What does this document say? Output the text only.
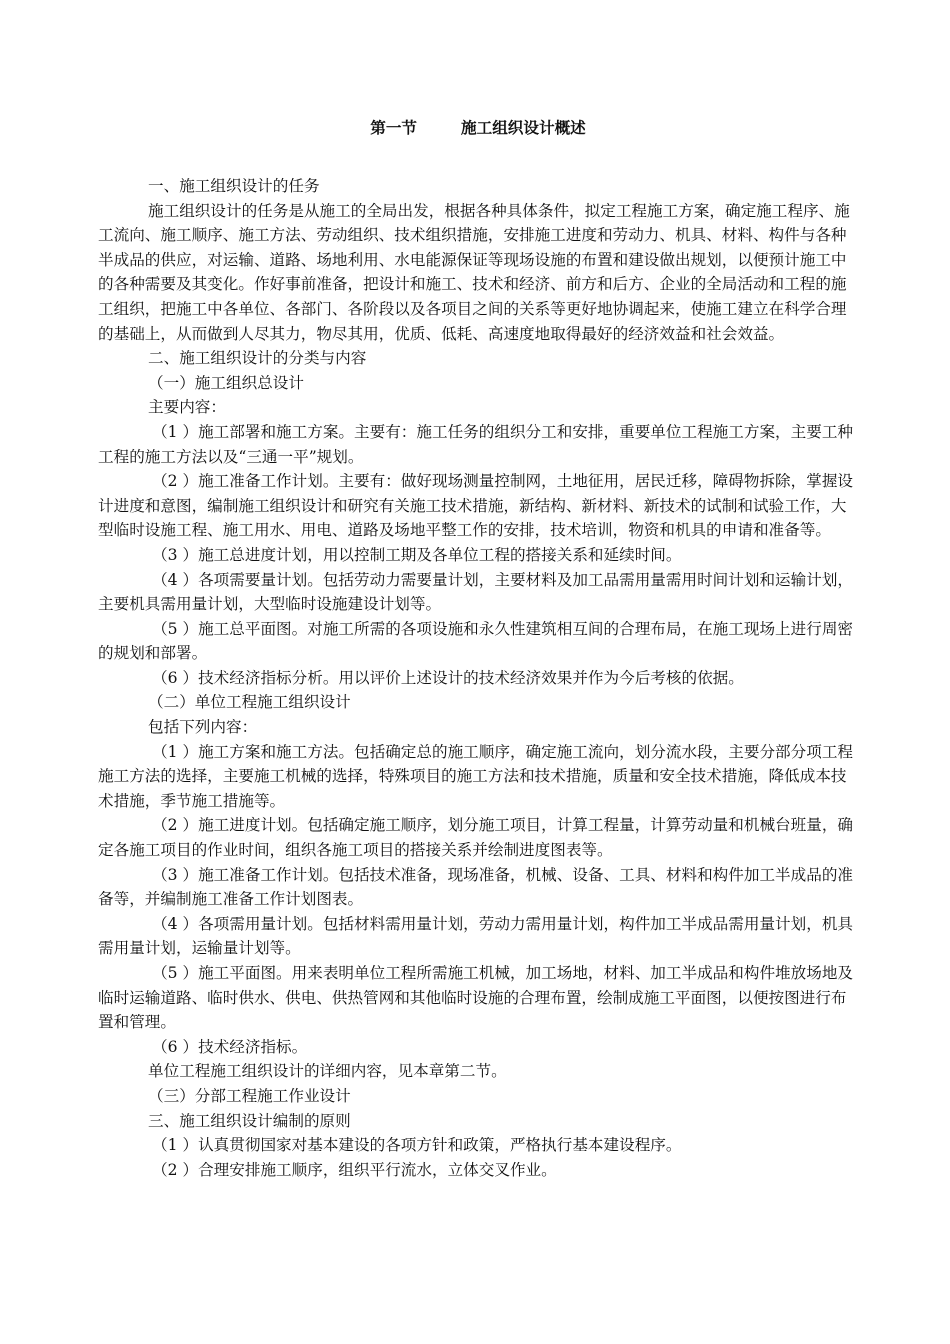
第一节	施工组织设计概述

一、施工组织设计的任务

施工组织设计的任务是从施工的全局出发，根据各种具体条件，拟定工程施工方案，确定施工程序、施工流向、施工顺序、施工方法、劳动组织、技术组织措施，安排施工进度和劳动力、机具、材料、构件与各种半成品的供应，对运输、道路、场地利用、水电能源保证等现场设施的布置和建设做出规划，以便预计施工中的各种需要及其变化。作好事前准备，把设计和施工、技术和经济、前方和后方、企业的全局活动和工程的施工组织，把施工中各单位、各部门、各阶段以及各项目之间的关系等更好地协调起来，使施工建立在科学合理的基础上，从而做到人尽其力，物尽其用，优质、低耗、高速度地取得最好的经济效益和社会效益。

二、施工组织设计的分类与内容

（一）施工组织总设计

主要内容：

（1 ）施工部署和施工方案。主要有：施工任务的组织分工和安排，重要单位工程施工方案，主要工种工程的施工方法以及“三通一平”规划。

（2 ）施工准备工作计划。主要有：做好现场测量控制网，土地征用，居民迁移，障碍物拆除，掌握设计进度和意图，编制施工组织设计和研究有关施工技术措施，新结构、新材料、新技术的试制和试验工作，大型临时设施工程、施工用水、用电、道路及场地平整工作的安排，技术培训，物资和机具的申请和准备等。

（3 ）施工总进度计划，用以控制工期及各单位工程的搭接关系和延续时间。

（4 ）各项需要量计划。包括劳动力需要量计划，主要材料及加工品需用量需用时间计划和运输计划，主要机具需用量计划，大型临时设施建设计划等。

（5 ）施工总平面图。对施工所需的各项设施和永久性建筑相互间的合理布局，在施工现场上进行周密的规划和部署。

（6 ）技术经济指标分析。用以评价上述设计的技术经济效果并作为今后考核的依据。

（二）单位工程施工组织设计

包括下列内容：

（1 ）施工方案和施工方法。包括确定总的施工顺序，确定施工流向，划分流水段，主要分部分项工程施工方法的选择，主要施工机械的选择，特殊项目的施工方法和技术措施，质量和安全技术措施，降低成本技术措施，季节施工措施等。

（2 ）施工进度计划。包括确定施工顺序，划分施工项目，计算工程量，计算劳动量和机械台班量，确定各施工项目的作业时间，组织各施工项目的搭接关系并绘制进度图表等。

（3 ）施工准备工作计划。包括技术准备，现场准备，机械、设备、工具、材料和构件加工半成品的准备等，并编制施工准备工作计划图表。

（4 ）各项需用量计划。包括材料需用量计划，劳动力需用量计划，构件加工半成品需用量计划，机具需用量计划，运输量计划等。

（5 ）施工平面图。用来表明单位工程所需施工机械，加工场地，材料、加工半成品和构件堆放场地及临时运输道路、临时供水、供电、供热管网和其他临时设施的合理布置，绘制成施工平面图，以便按图进行布置和管理。

（6 ）技术经济指标。

单位工程施工组织设计的详细内容，见本章第二节。

（三）分部工程施工作业设计

三、施工组织设计编制的原则

（1 ）认真贯彻国家对基本建设的各项方针和政策，严格执行基本建设程序。

（2 ）合理安排施工顺序，组织平行流水，立体交叉作业。
